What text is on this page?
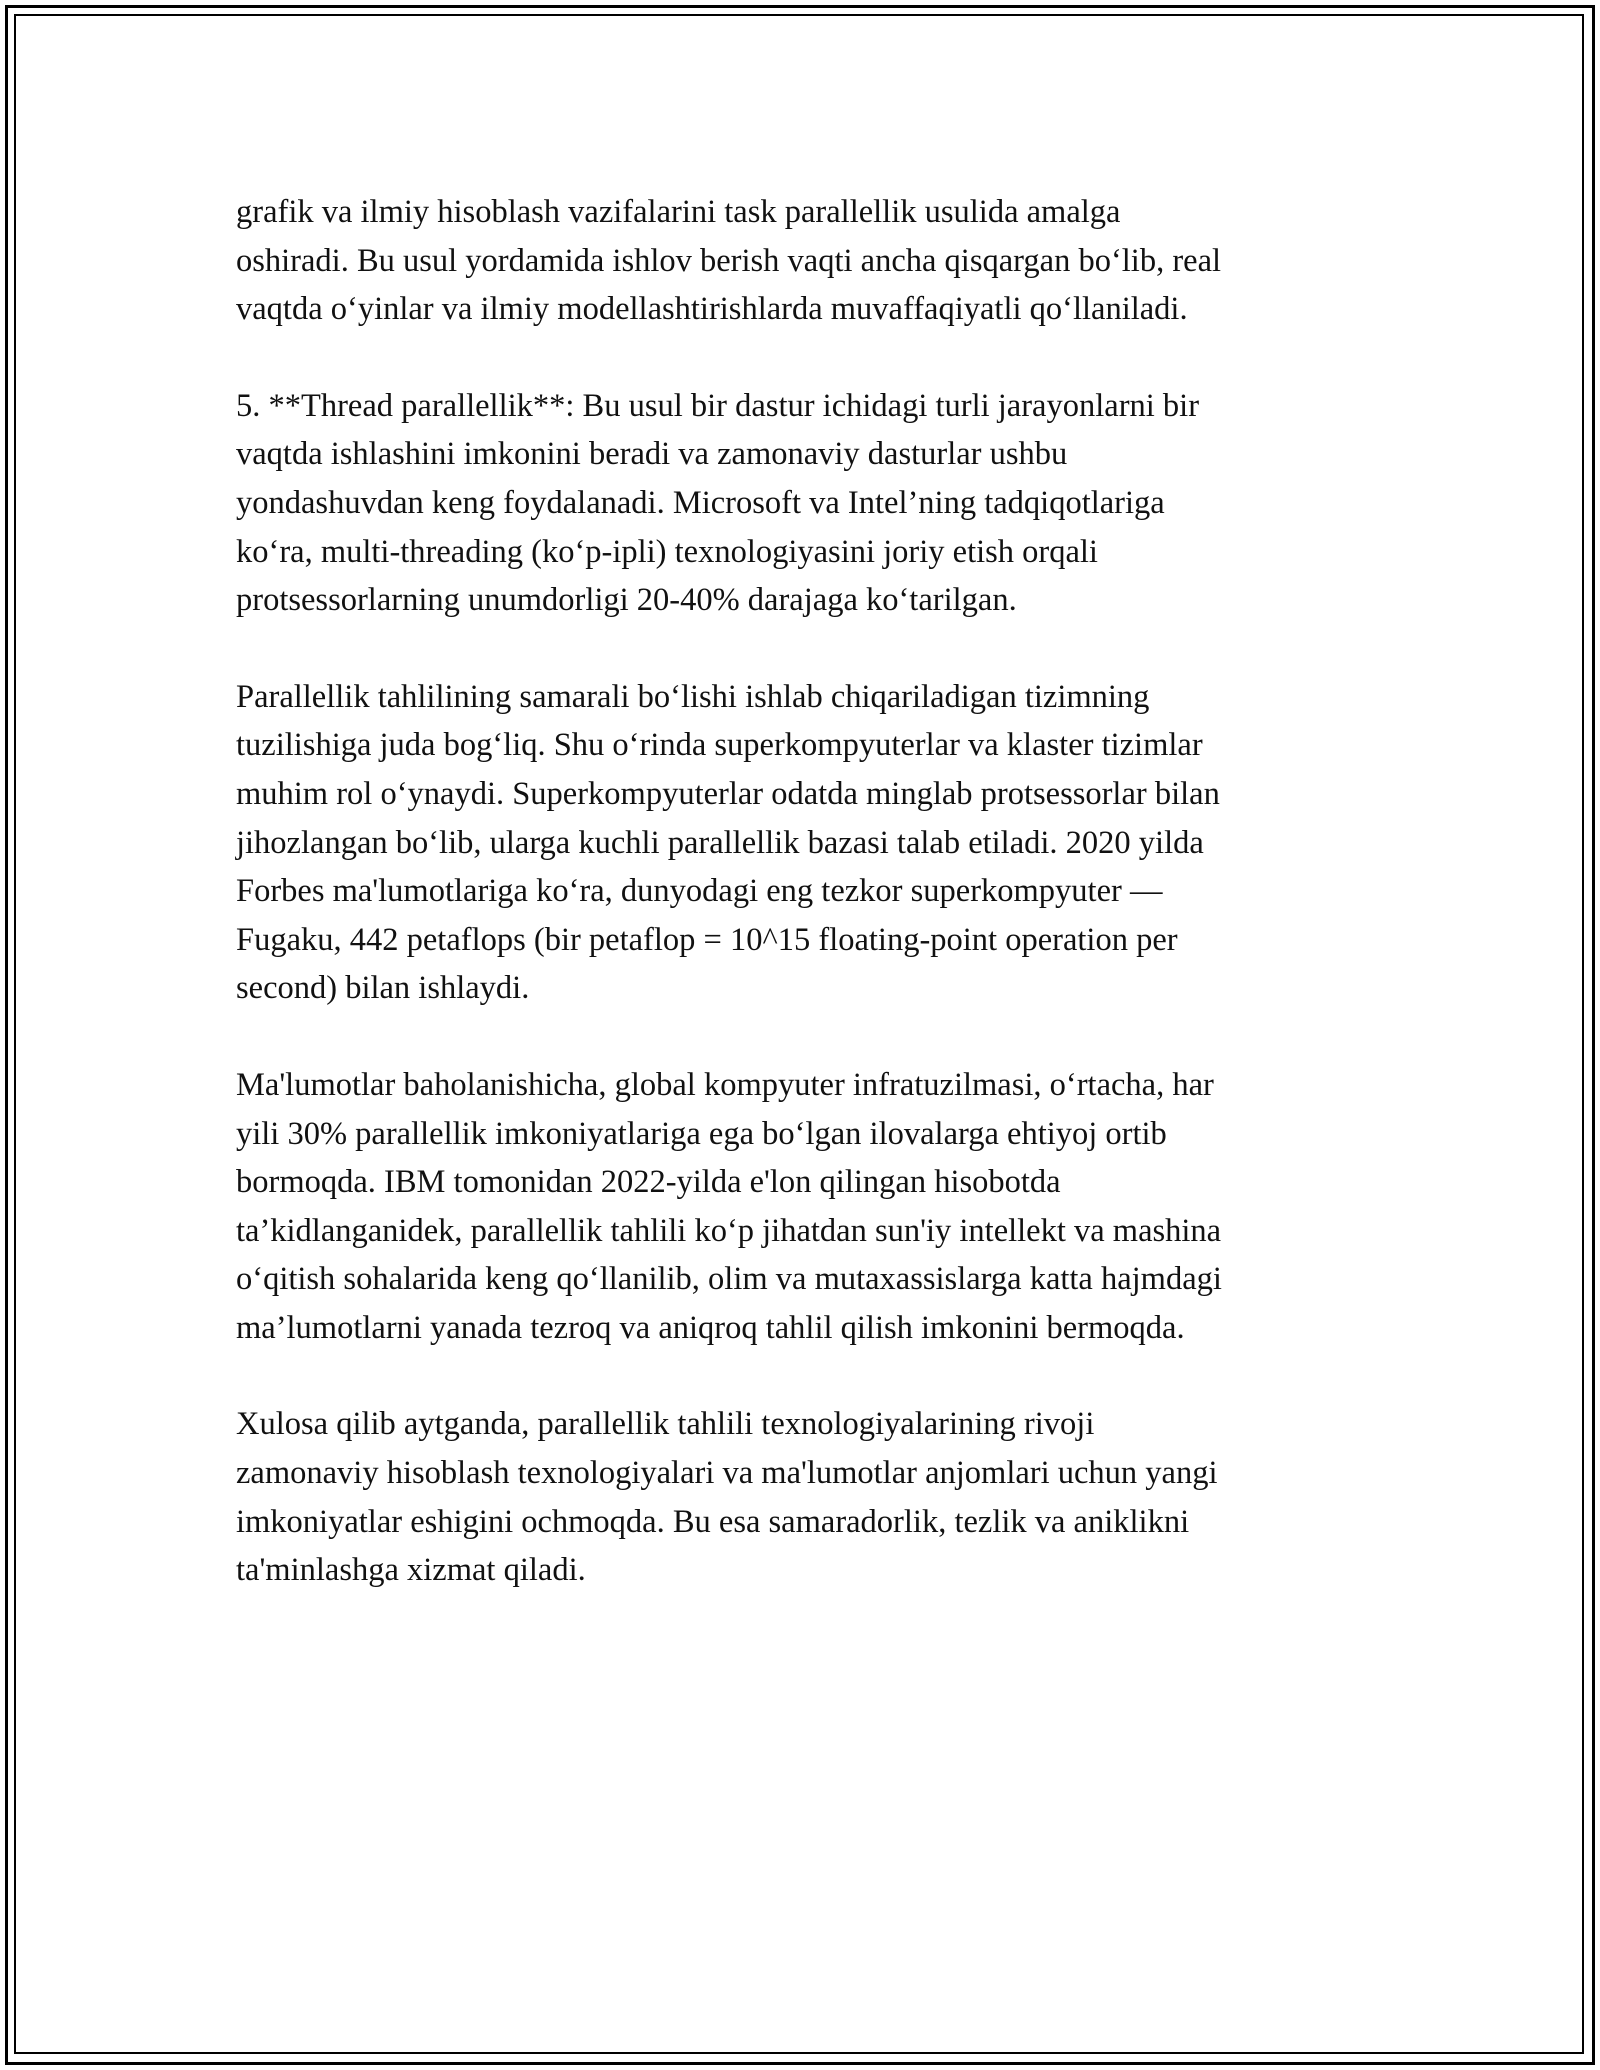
grafik va ilmiy hisoblash vazifalarini task parallellik usulida amalga
oshiradi. Bu usul yordamida ishlov berish vaqti ancha qisqargan bo‘lib, real
vaqtda o‘yinlar va ilmiy modellashtirishlarda muvaffaqiyatli qo‘llaniladi.

5. **Thread parallellik**: Bu usul bir dastur ichidagi turli jarayonlarni bir
vaqtda ishlashini imkonini beradi va zamonaviy dasturlar ushbu
yondashuvdan keng foydalanadi. Microsoft va Intel’ning tadqiqotlariga
ko‘ra, multi-threading (ko‘p-ipli) texnologiyasini joriy etish orqali
protsessorlarning unumdorligi 20-40% darajaga ko‘tarilgan.

Parallellik tahlilining samarali bo‘lishi ishlab chiqariladigan tizimning
tuzilishiga juda bog‘liq. Shu o‘rinda superkompyuterlar va klaster tizimlar
muhim rol o‘ynaydi. Superkompyuterlar odatda minglab protsessorlar bilan
jihozlangan bo‘lib, ularga kuchli parallellik bazasi talab etiladi. 2020 yilda
Forbes ma'lumotlariga ko‘ra, dunyodagi eng tezkor superkompyuter —
Fugaku, 442 petaflops (bir petaflop = 10^15 floating-point operation per
second) bilan ishlaydi.

Ma'lumotlar baholanishicha, global kompyuter infratuzilmasi, o‘rtacha, har
yili 30% parallellik imkoniyatlariga ega bo‘lgan ilovalarga ehtiyoj ortib
bormoqda. IBM tomonidan 2022-yilda e'lon qilingan hisobotda
ta’kidlanganidek, parallellik tahlili ko‘p jihatdan sun'iy intellekt va mashina
o‘qitish sohalarida keng qo‘llanilib, olim va mutaxassislarga katta hajmdagi
ma’lumotlarni yanada tezroq va aniqroq tahlil qilish imkonini bermoqda.

Xulosa qilib aytganda, parallellik tahlili texnologiyalarining rivoji
zamonaviy hisoblash texnologiyalari va ma'lumotlar anjomlari uchun yangi
imkoniyatlar eshigini ochmoqda. Bu esa samaradorlik, tezlik va aniklikni
ta'minlashga xizmat qiladi.
